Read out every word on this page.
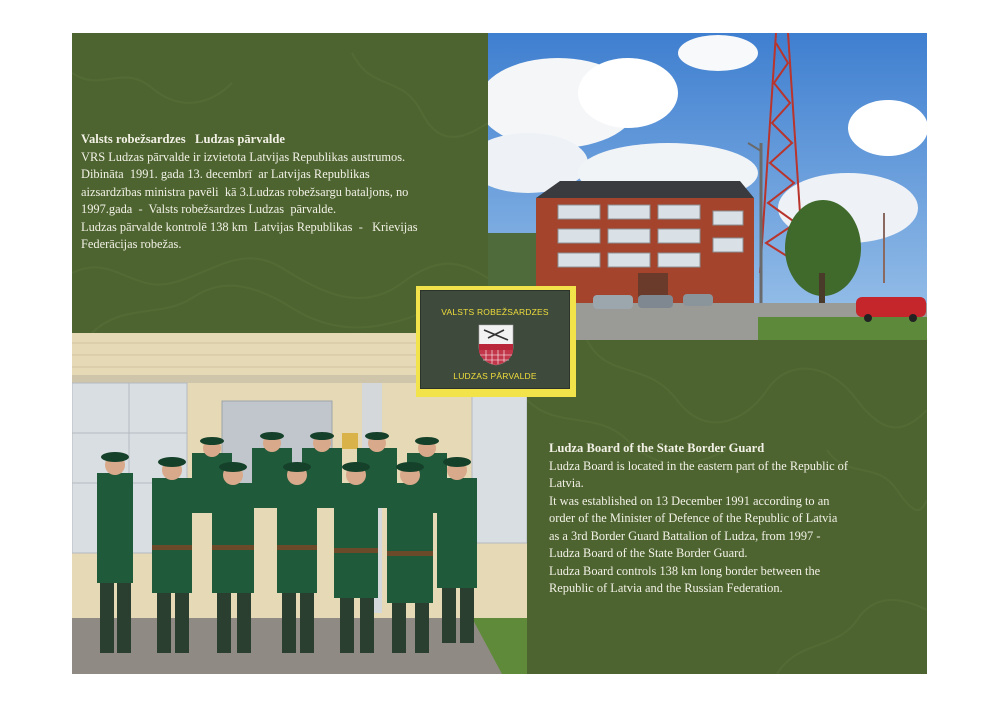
VALSTS ROBEŽSARDZES
LUDZAS PĀRVALDE

Valsts robežsardzes   Ludzas pārvalde

VRS Ludzas pārvalde ir izvietota Latvijas Republikas austrumos.

Dibināta  1991. gada 13. decembrī  ar Latvijas Republikas

aizsardzības ministra pavēli  kā 3.Ludzas robežsargu bataljons, no

1997.gada  -  Valsts robežsardzes Ludzas  pārvalde.

Ludzas pārvalde kontrolē 138 km  Latvijas Republikas  -   Krievijas

Federācijas robežas.

Ludza Board of the State Border Guard

Ludza Board is located in the eastern part of the Republic of

Latvia.

It was established on 13 December 1991 according to an

order of the Minister of Defence of the Republic of Latvia

as a 3rd Border Guard Battalion of Ludza, from 1997 -

Ludza Board of the State Border Guard.

Ludza Board controls 138 km long border between the

Republic of Latvia and the Russian Federation.
